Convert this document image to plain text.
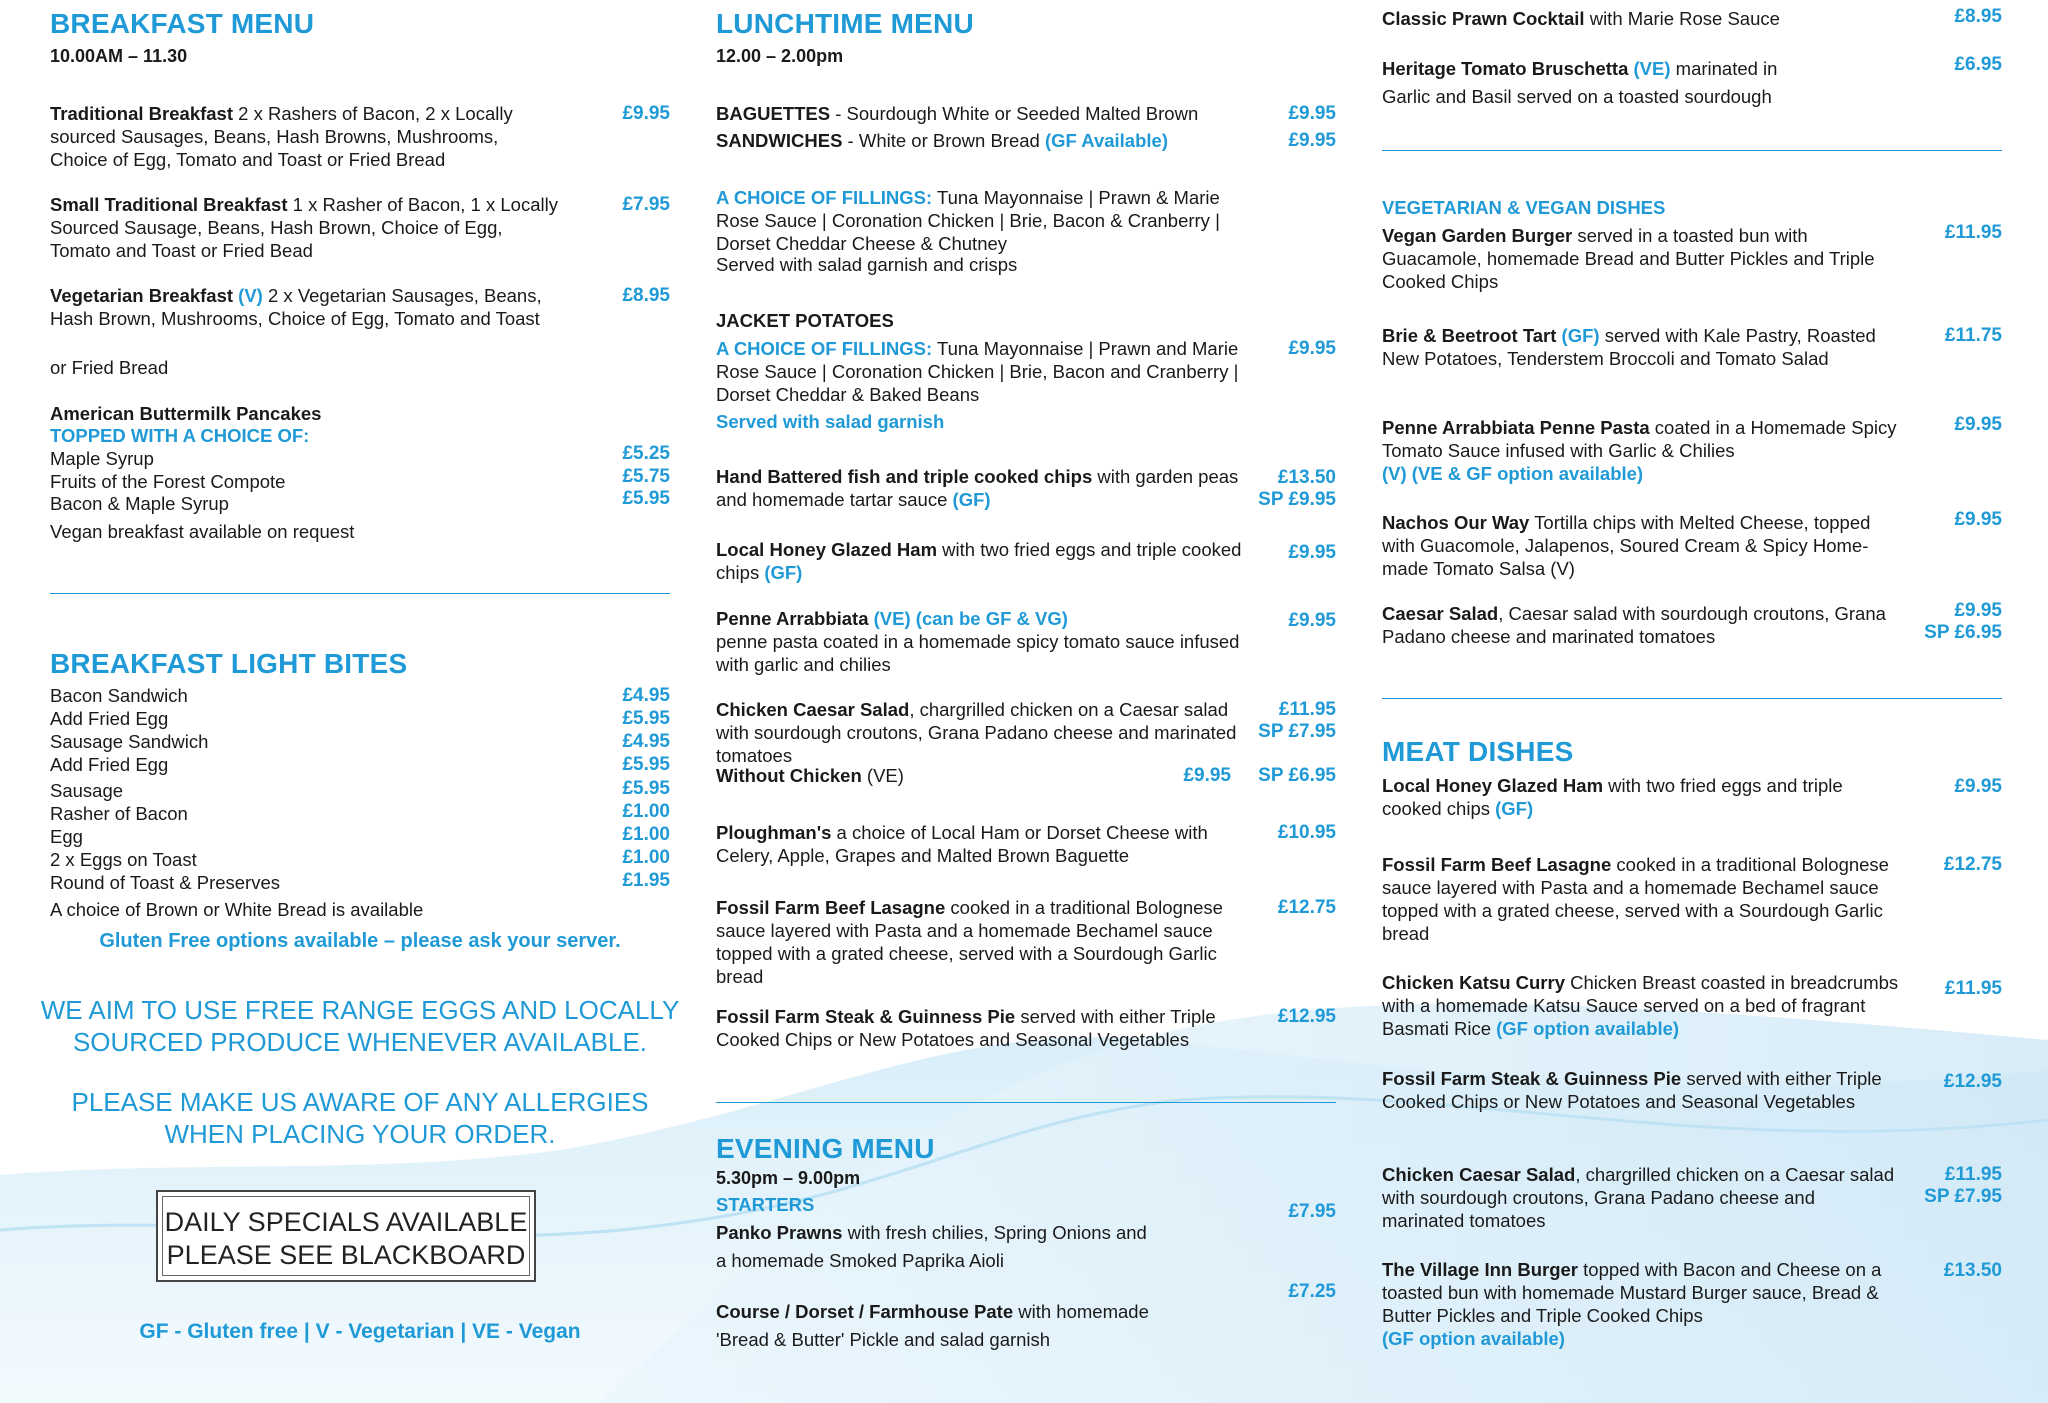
BREAKFAST MENU
10.00AM – 11.30
Traditional Breakfast 2 x Rashers of Bacon, 2 x Locally sourced Sausages, Beans, Hash Browns, Mushrooms, Choice of Egg, Tomato and Toast or Fried Bread
£9.95
Small Traditional Breakfast 1 x Rasher of Bacon, 1 x Locally Sourced Sausage, Beans, Hash Brown, Choice of Egg, Tomato and Toast or Fried Bead
£7.95
Vegetarian Breakfast (V) 2 x Vegetarian Sausages, Beans, Hash Brown, Mushrooms, Choice of Egg, Tomato and Toast
or Fried Bread
£8.95
American Buttermilk Pancakes
TOPPED WITH A CHOICE OF:
Maple Syrup	£5.25
Fruits of the Forest Compote	£5.75
Bacon & Maple Syrup	£5.95
Vegan breakfast available on request
BREAKFAST LIGHT BITES
Bacon Sandwich	£4.95
Add Fried Egg	£5.95
Sausage Sandwich	£4.95
Add Fried Egg	£5.95
Sausage	£5.95
Rasher of Bacon	£1.00
Egg	£1.00
2 x Eggs on Toast	£1.00
Round of Toast & Preserves	£1.95
A choice of Brown or White Bread is available
Gluten Free options available – please ask your server.
WE AIM TO USE FREE RANGE EGGS AND LOCALLY
SOURCED PRODUCE WHENEVER AVAILABLE.
PLEASE MAKE US AWARE OF ANY ALLERGIES
WHEN PLACING YOUR ORDER.
DAILY SPECIALS AVAILABLE
PLEASE SEE BLACKBOARD
GF - Gluten free | V - Vegetarian | VE - Vegan
LUNCHTIME MENU
12.00 – 2.00pm
BAGUETTES - Sourdough White or Seeded Malted Brown	£9.95
SANDWICHES - White or Brown Bread (GF Available)	£9.95
A CHOICE OF FILLINGS: Tuna Mayonnaise | Prawn & Marie Rose Sauce | Coronation Chicken | Brie, Bacon & Cranberry | Dorset Cheddar Cheese & Chutney
Served with salad garnish and crisps
JACKET POTATOES
A CHOICE OF FILLINGS: Tuna Mayonnaise | Prawn and Marie Rose Sauce | Coronation Chicken | Brie, Bacon and Cranberry | Dorset Cheddar & Baked Beans
£9.95
Served with salad garnish
Hand Battered fish and triple cooked chips with garden peas and homemade tartar sauce (GF)
£13.50
SP £9.95
Local Honey Glazed Ham with two fried eggs and triple cooked chips (GF)
£9.95
Penne Arrabbiata (VE) (can be GF & VG)
penne pasta coated in a homemade spicy tomato sauce infused with garlic and chilies
£9.95
Chicken Caesar Salad, chargrilled chicken on a Caesar salad with sourdough croutons, Grana Padano cheese and marinated tomatoes
£11.95
SP £7.95
Without Chicken (VE)	£9.95 SP £6.95
Ploughman's a choice of Local Ham or Dorset Cheese with Celery, Apple, Grapes and Malted Brown Baguette
£10.95
Fossil Farm Beef Lasagne cooked in a traditional Bolognese sauce layered with Pasta and a homemade Bechamel sauce topped with a grated cheese, served with a Sourdough Garlic bread
£12.75
Fossil Farm Steak & Guinness Pie served with either Triple Cooked Chips or New Potatoes and Seasonal Vegetables
£12.95
EVENING MENU
5.30pm – 9.00pm
STARTERS
Panko Prawns with fresh chilies, Spring Onions and
a homemade Smoked Paprika Aioli
£7.95
Course / Dorset / Farmhouse Pate with homemade
'Bread & Butter' Pickle and salad garnish
£7.25
Classic Prawn Cocktail with Marie Rose Sauce	£8.95
Heritage Tomato Bruschetta (VE) marinated in
Garlic and Basil served on a toasted sourdough
£6.95
VEGETARIAN & VEGAN DISHES
Vegan Garden Burger served in a toasted bun with Guacamole, homemade Bread and Butter Pickles and Triple Cooked Chips
£11.95
Brie & Beetroot Tart (GF) served with Kale Pastry, Roasted New Potatoes, Tenderstem Broccoli and Tomato Salad
£11.75
Penne Arrabbiata Penne Pasta coated in a Homemade Spicy Tomato Sauce infused with Garlic & Chilies
(V) (VE & GF option available)
£9.95
Nachos Our Way Tortilla chips with Melted Cheese, topped with Guacomole, Jalapenos, Soured Cream & Spicy Home-made Tomato Salsa (V)
£9.95
Caesar Salad, Caesar salad with sourdough croutons, Grana Padano cheese and marinated tomatoes
£9.95
SP £6.95
MEAT DISHES
Local Honey Glazed Ham with two fried eggs and triple cooked chips (GF)
£9.95
Fossil Farm Beef Lasagne cooked in a traditional Bolognese sauce layered with Pasta and a homemade Bechamel sauce topped with a grated cheese, served with a Sourdough Garlic bread
£12.75
Chicken Katsu Curry Chicken Breast coasted in breadcrumbs with a homemade Katsu Sauce served on a bed of fragrant Basmati Rice (GF option available)
£11.95
Fossil Farm Steak & Guinness Pie served with either Triple Cooked Chips or New Potatoes and Seasonal Vegetables
£12.95
Chicken Caesar Salad, chargrilled chicken on a Caesar salad with sourdough croutons, Grana Padano cheese and marinated tomatoes
£11.95
SP £7.95
The Village Inn Burger topped with Bacon and Cheese on a toasted bun with homemade Mustard Burger sauce, Bread & Butter Pickles and Triple Cooked Chips
(GF option available)
£13.50
